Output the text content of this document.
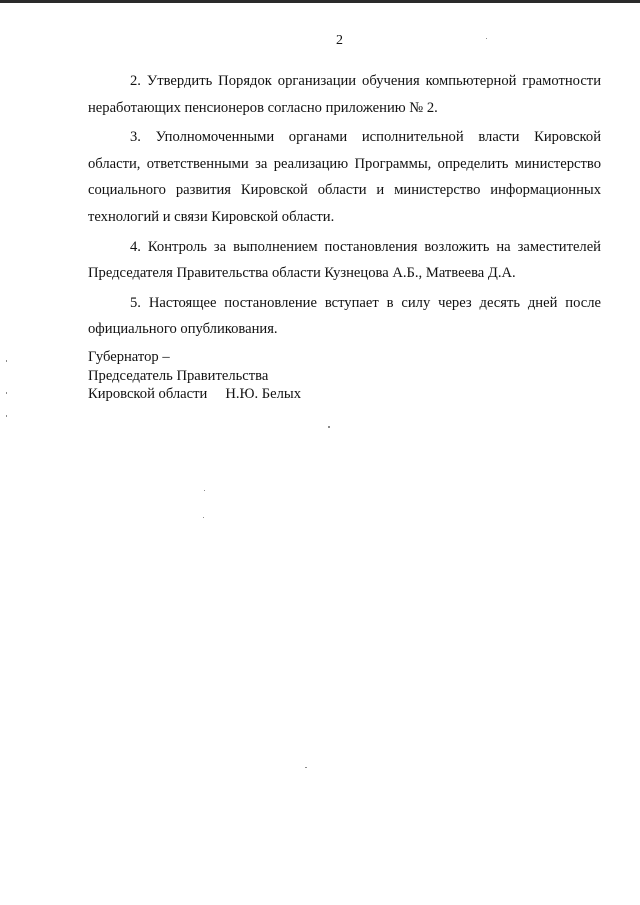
2

2. Утвердить Порядок организации обучения компьютерной грамотности неработающих пенсионеров согласно приложению № 2.

3. Уполномоченными органами исполнительной власти Кировской области, ответственными за реализацию Программы, определить министерство социального развития Кировской области и министерство информационных технологий и связи Кировской области.

4. Контроль за выполнением постановления возложить на заместителей Председателя Правительства области Кузнецова А.Б., Матвеева Д.А.

5. Настоящее постановление вступает в силу через десять дней после официального опубликования.

Губернатор –
Председатель Правительства
Кировской области Н.Ю. Белых
